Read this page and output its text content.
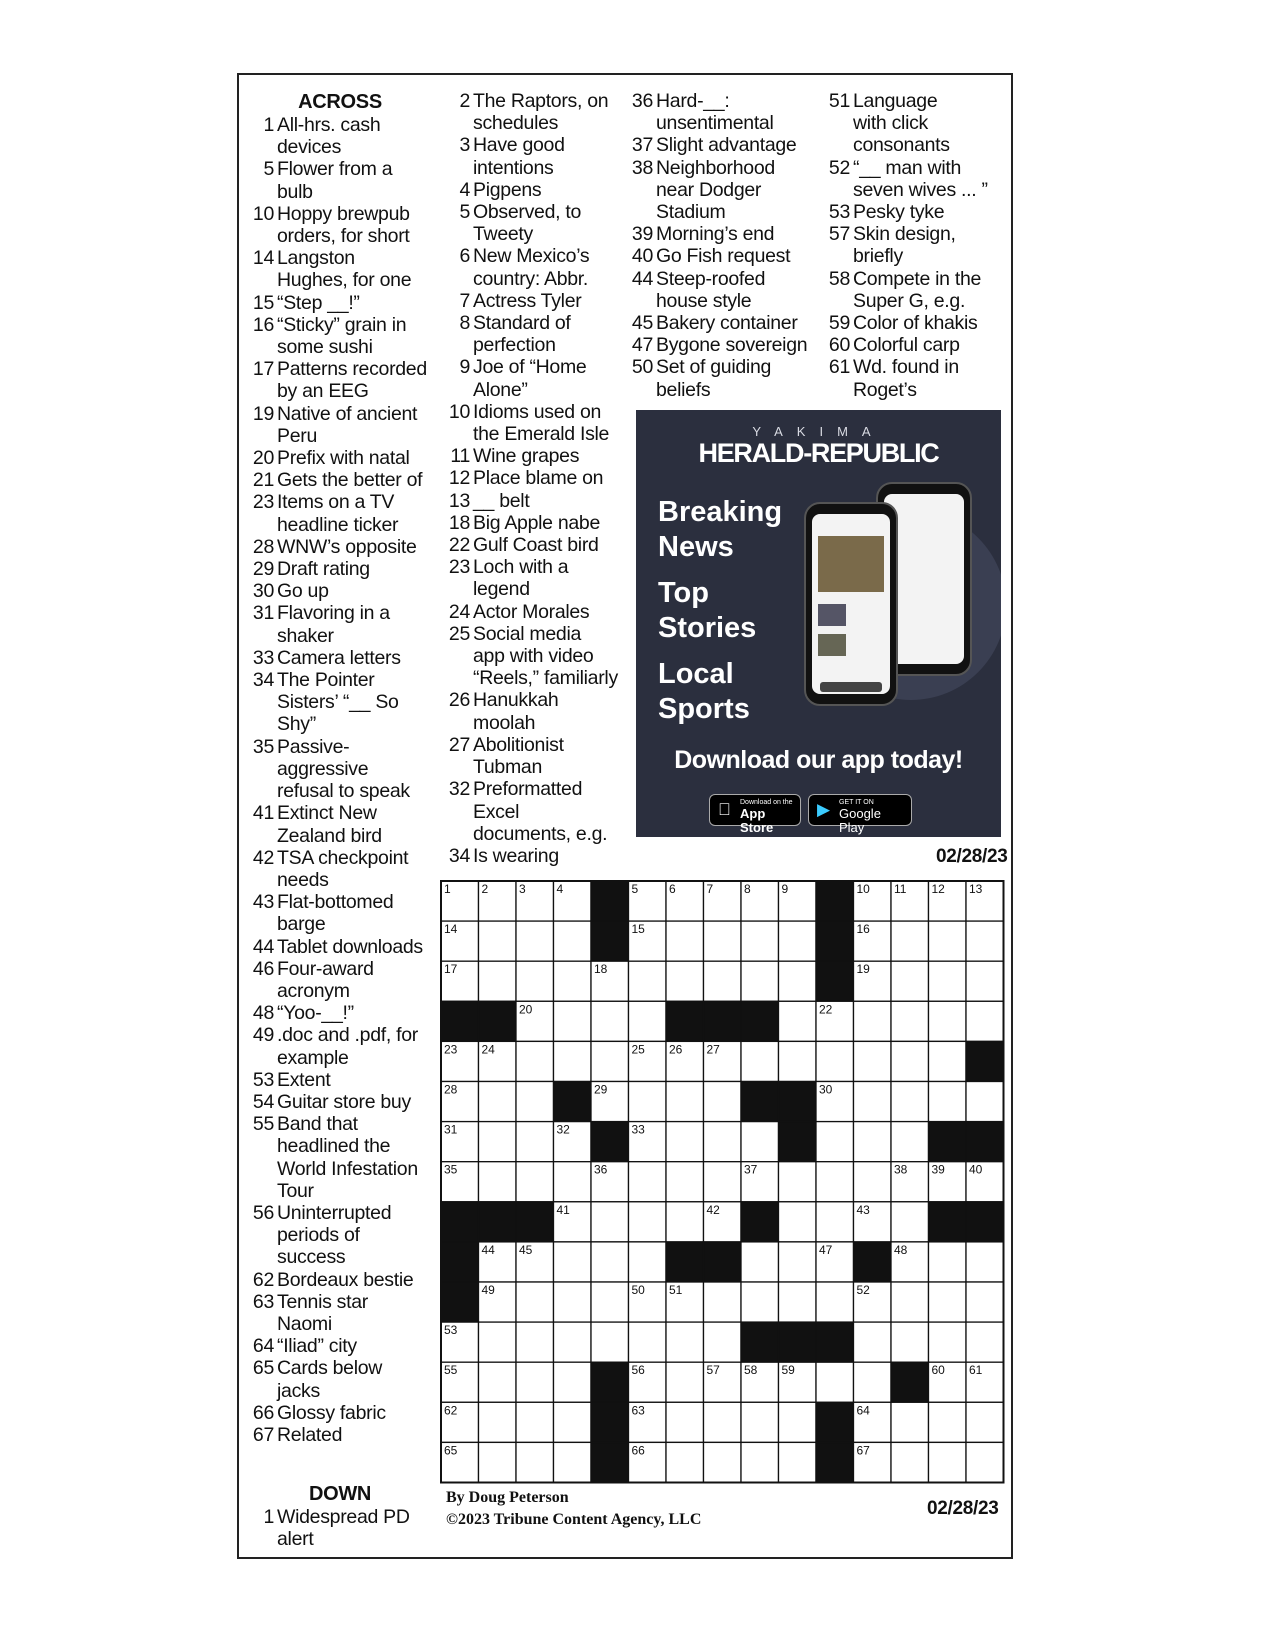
ACROSS
1 All-hrs. cash
devices
5 Flower from a
bulb
10 Hoppy brewpub
orders, for short
14 Langston
Hughes, for one
15 “Step __!”
16 “Sticky” grain in
some sushi
17 Patterns recorded
by an EEG
19 Native of ancient
Peru
20 Prefix with natal
21 Gets the better of
23 Items on a TV
headline ticker
28 WNW’s opposite
29 Draft rating
30 Go up
31 Flavoring in a
shaker
33 Camera letters
34 The Pointer
Sisters’ “__ So
Shy”
35 Passive-
aggressive
refusal to speak
41 Extinct New
Zealand bird
42 TSA checkpoint
needs
43 Flat-bottomed
barge
44 Tablet downloads
46 Four-award
acronym
48 “Yoo-__!”
49 .doc and .pdf, for
example
53 Extent
54 Guitar store buy
55 Band that
headlined the
World Infestation
Tour
56 Uninterrupted
periods of
success
62 Bordeaux bestie
63 Tennis star
Naomi
64 “Iliad” city
65 Cards below
jacks
66 Glossy fabric
67 Related
DOWN
1 Widespread PD
alert
2 The Raptors, on
schedules
3 Have good
intentions
4 Pigpens
5 Observed, to
Tweety
6 New Mexico’s
country: Abbr.
7 Actress Tyler
8 Standard of
perfection
9 Joe of “Home
Alone”
10 Idioms used on
the Emerald Isle
11 Wine grapes
12 Place blame on
13 __ belt
18 Big Apple nabe
22 Gulf Coast bird
23 Loch with a
legend
24 Actor Morales
25 Social media
app with video
“Reels,” familiarly
26 Hanukkah
moolah
27 Abolitionist
Tubman
32 Preformatted
Excel
documents, e.g.
34 Is wearing
36 Hard-__:
unsentimental
37 Slight advantage
38 Neighborhood
near Dodger
Stadium
39 Morning’s end
40 Go Fish request
44 Steep-roofed
house style
45 Bakery container
47 Bygone sovereign
50 Set of guiding
beliefs
51 Language
with click
consonants
52 “__ man with
seven wives ... ”
53 Pesky tyke
57 Skin design,
briefly
58 Compete in the
Super G, e.g.
59 Color of khakis
60 Colorful carp
61 Wd. found in
Roget’s
YAKIMA
HERALD-REPUBLIC
Breaking
News
Top
Stories
Local
Sports
Download our app today!
Download on the
App Store
▶ GET IT ON
Google Play
02/28/23
1	2	3	4	5	6	7	8	9	10 11 12 13
14	15	16
17	18	19
20	22
23 24	25 26 27
28	29	30
31	32	33
35	36	37	38 39 40
41	42	43
44 45	47	48
49	50 51	52
53
55	56	57 58 59	60 61
62	63	64
65	66	67
By Doug Peterson
©2023 Tribune Content Agency, LLC
02/28/23
